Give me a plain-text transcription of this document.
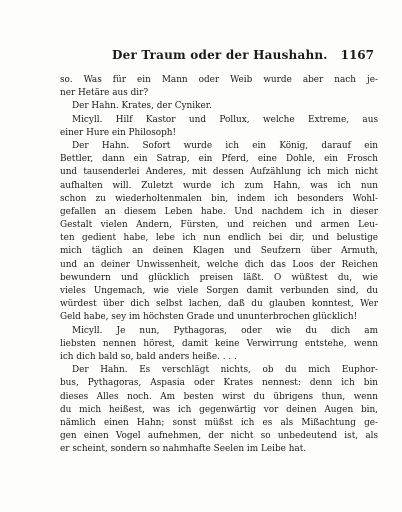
Der Traum oder der Haushahn. 1167
so. Was für ein Mann oder Weib wurde aber nach je-
ner Hetäre aus dir?
Der Hahn. Krates, der Cyniker.
Micyll. Hilf Kastor und Pollux, welche Extreme, aus
einer Hure ein Philosoph!
Der Hahn. Sofort wurde ich ein König, darauf ein
Bettler, dann ein Satrap, ein Pferd, eine Dohle, ein Frosch
und tausenderlei Anderes, mit dessen Aufzählung ich mich nicht
aufhalten will. Zuletzt wurde ich zum Hahn, was ich nun
schon zu wiederholtenmalen bin, indem ich besonders Wohl-
gefallen an diesem Leben habe. Und nachdem ich in dieser
Gestalt vielen Andern, Fürsten, und reichen und armen Leu-
ten gedient habe, lebe ich nun endlich bei dir, und belustige
mich täglich an deinen Klagen und Seufzern über Armuth,
und an deiner Unwissenheit, welche dich das Loos der Reichen
bewundern und glücklich preisen läßt. O wüßtest du, wie
vieles Ungemach, wie viele Sorgen damit verbunden sind, du
würdest über dich selbst lachen, daß du glauben konntest, Wer
Geld habe, sey im höchsten Grade und ununterbrochen glücklich!
Micyll. Je nun, Pythagoras, oder wie du dich am
liebsten nennen hörest, damit keine Verwirrung entstehe, wenn
ich dich bald so, bald anders heiße. . . .
Der Hahn. Es verschlägt nichts, ob du mich Euphor-
bus, Pythagoras, Aspasia oder Krates nennest: denn ich bin
dieses Alles noch. Am besten wirst du übrigens thun, wenn
du mich heißest, was ich gegenwärtig vor deinen Augen bin,
nämlich einen Hahn; sonst müßst ich es als Mißachtung ge-
gen einen Vogel aufnehmen, der nicht so unbedeutend ist, als
er scheint, sondern so nahmhafte Seelen im Leibe hat.
